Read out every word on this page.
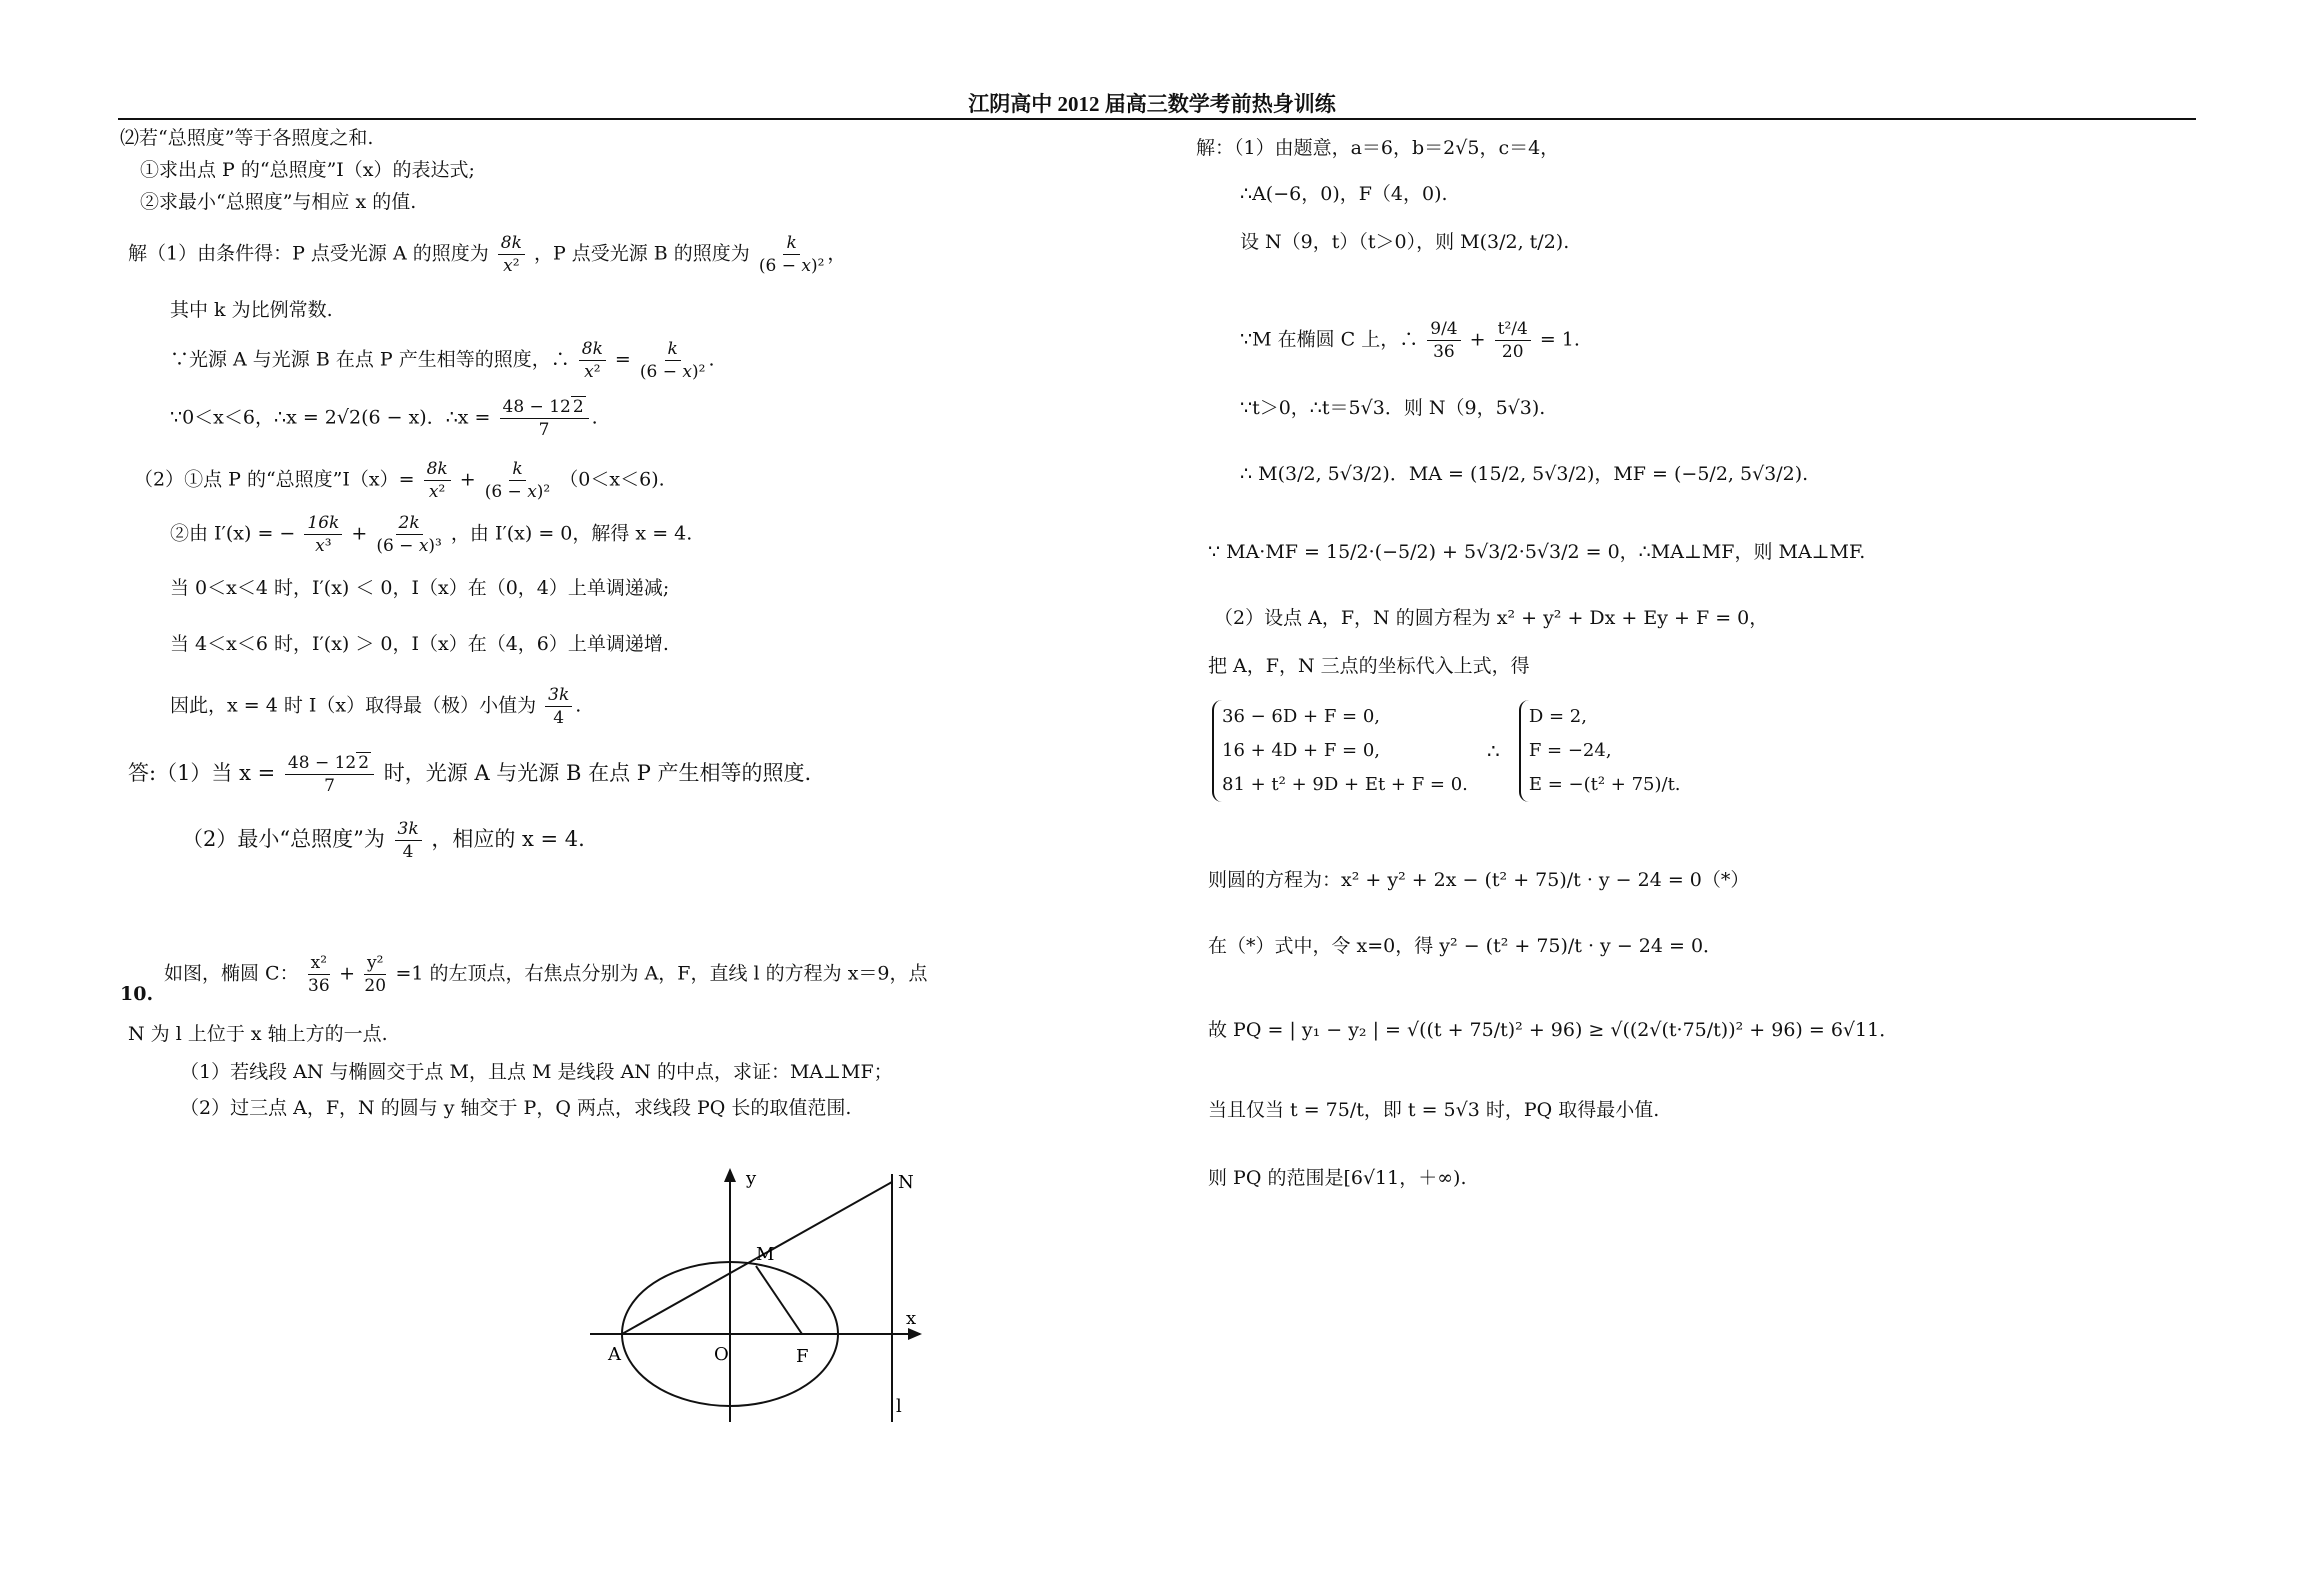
江阴高中 2012 届高三数学考前热身训练
⑵若“总照度”等于各照度之和.
①求出点 P 的“总照度”I（x）的表达式;
②求最小“总照度”与相应 x 的值.
解（1）由条件得：P 点受光源 A 的照度为 $\frac{8k}{\text{x²}}$ ，P 点受光源 B 的照度为 $\frac{k}{\text{(6 − x)²}}$ ，
其中 k 为比例常数.
∵光源 A 与光源 B 在点 P 产生相等的照度，∴ $\frac{8k}{\text{x²}} = \frac{k}{\text{(6 − x)²}}$ .
∵0＜x＜6，∴x = 2√2(6 − x)．∴x = $\frac{48 - 12 2}{7}$ .
（2）①点 P 的“总照度”I（x）= $\frac{8k}{\text{x²}} + \frac{k}{\text{(6 − x)²}} (0<x<6)$.
②由 I′(x) = − $\frac{16k}{\text{x³}} + \frac{2k}{\text{(6 − x)³}}$ ，由 I′(x) = 0，解得 x = 4.
当 0＜x＜4 时，I′(x) ＜ 0，I（x）在（0，4）上单调递减;
当 4＜x＜6 时，I′(x) ＞ 0，I（x）在（4，6）上单调递增.
因此，x = 4 时 I（x）取得最（极）小值为 $\frac{3k}{4}$ .
答:（1）当 $x = \frac{48 - 12 2}{7}$ 时，光源 A 与光源 B 在点 P 产生相等的照度.
（2）最小“总照度”为 $\frac{3k}{4}$ ，相应的 x = 4.
10.
如图，椭圆 C： $\frac{\text{x²}}{36} + \frac{\text{y²}}{20} =1$ 的左顶点，右焦点分别为 A，F，直线 l 的方程为 x＝9，点
N 为 l 上位于 x 轴上方的一点.
（1）若线段 AN 与椭圆交于点 M，且点 M 是线段 AN 的中点，求证：MA⊥MF；
（2）过三点 A，F，N 的圆与 y 轴交于 P，Q 两点，求线段 PQ 长的取值范围.
y	N
M
x
A	O	F
l
解：（1）由题意，a＝6，b＝2√5，c＝4，
∴A(−6，0)，F（4，0).
设 N（9，t）（t＞0），则 M(3/2, t/2).
∵M 在椭圆 C 上，∴ $\frac{9/4}{36} + \frac{\text{t²/4}}{20} = 1$.
∵t＞0，∴t＝5√3．则 N（9，5√3).
∴ M(3/2, 5√3/2)．MA = (15/2, 5√3/2)，MF = (−5/2, 5√3/2).
∵ MA·MF = 15/2·(−5/2) + 5√3/2·5√3/2 = 0，∴MA⊥MF，则 MA⊥MF.
（2）设点 A，F，N 的圆方程为 x² + y² + Dx + Ey + F = 0，
把 A，F，N 三点的坐标代入上式，得
36 − 6D + F = 0,
16 + 4D + F = 0,
81 + t² + 9D + Et + F = 0.
∴
D = 2,
F = −24,
E = −(t² + 75)/t.
则圆的方程为：x² + y² + 2x − (t² + 75)/t · y − 24 = 0（*）
在（*）式中，令 x=0，得 y² − (t² + 75)/t · y − 24 = 0．
故 PQ = | y₁ − y₂ | = √((t + 75/t)² + 96) ≥ √((2√(t·75/t))² + 96) = 6√11．
当且仅当 t = 75/t，即 t = 5√3 时，PQ 取得最小值.
则 PQ 的范围是[6√11，＋∞).
